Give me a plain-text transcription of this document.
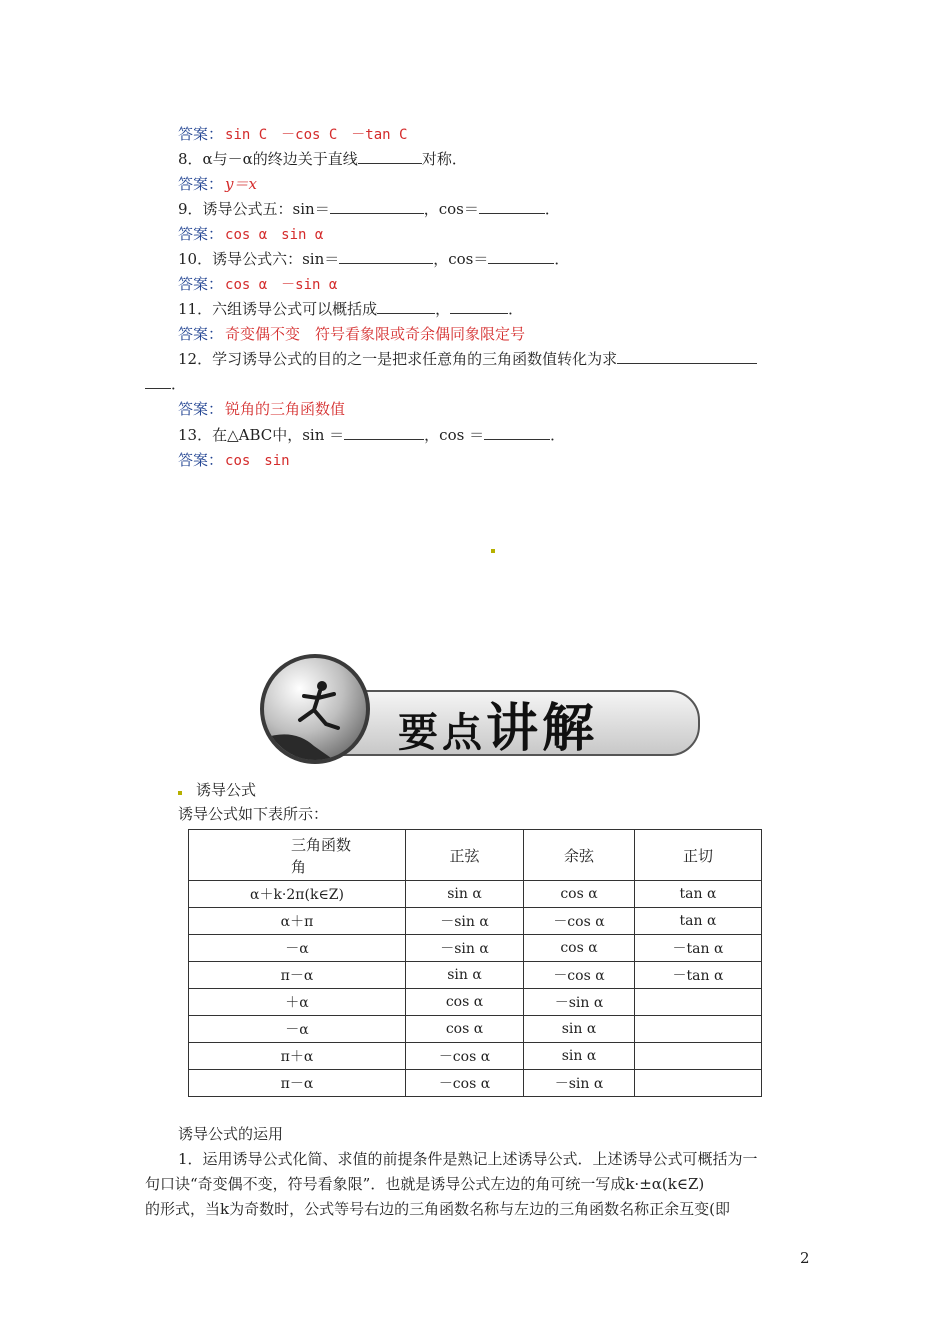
答案： sin C　－cos C　－tan C
8．α与－α的终边关于直线	对称．
答案： y＝x
9．诱导公式五：sin＝	，cos＝	．
答案： cos α　sin α
10．诱导公式六：sin＝	，cos＝	．
答案： cos α　－sin α
11．六组诱导公式可以概括成	，	．
答案： 奇变偶不变　符号看象限或奇余偶同象限定号
12．学习诱导公式的目的之一是把求任意角的三角函数值转化为求
．
答案： 锐角的三角函数值
13．在△ABC中，sin ＝	，cos ＝	．
答案： cos　sin
要点讲解
诱导公式
诱导公式如下表所示：
三角函数
角	正弦	余弦	正切
α＋k·2π(k∈Z)	sin α	cos α	tan α
α＋π	－sin α	－cos α	tan α
－α	－sin α	cos α	－tan α
π－α	sin α	－cos α	－tan α
＋α	cos α	－sin α	
－α	cos α	sin α	
π＋α	－cos α	sin α	
π－α	－cos α	－sin α	
诱导公式的运用
1．运用诱导公式化简、求值的前提条件是熟记上述诱导公式．上述诱导公式可概括为一
句口诀“奇变偶不变，符号看象限”．也就是诱导公式左边的角可统一写成k·±α(k∈Z)
的形式，当k为奇数时，公式等号右边的三角函数名称与左边的三角函数名称正余互变(即
2
